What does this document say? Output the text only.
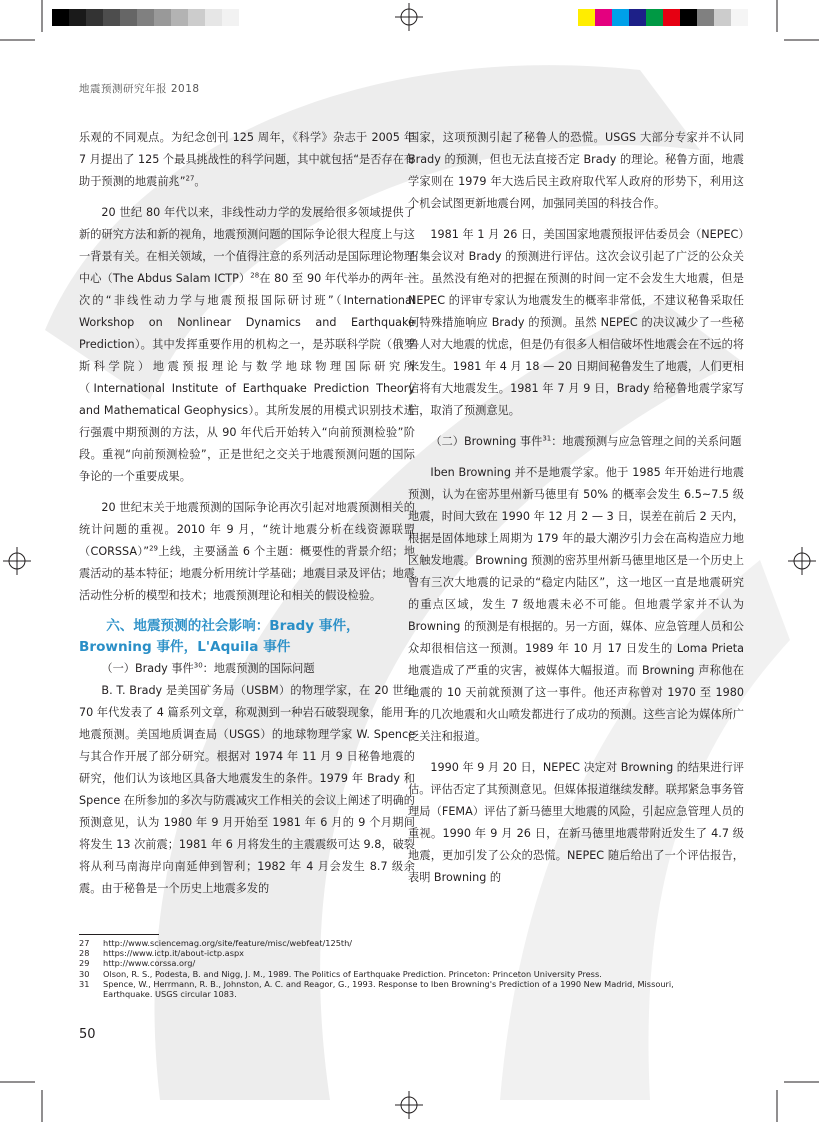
地震预测研究年报 2018

乐观的不同观点。为纪念创刊 125 周年，《科学》杂志于 2005 年 7 月提出了 125 个最具挑战性的科学问题，其中就包括“是否存在有助于预测的地震前兆”$^{27}$。

20 世纪 80 年代以来，非线性动力学的发展给很多领域提供了新的研究方法和新的视角，地震预测问题的国际争论很大程度上与这一背景有关。在相关领域，一个值得注意的系列活动是国际理论物理中心（The Abdus Salam ICTP）$^{28}$在 80 至 90 年代举办的两年一次的“非线性动力学与地震预报国际研讨班”（International Workshop on Nonlinear Dynamics and Earthquake Prediction）。其中发挥重要作用的机构之一，是苏联科学院（俄罗斯科学院）地震预报理论与数学地球物理国际研究所（International Institute of Earthquake Prediction Theory and Mathematical Geophysics）。其所发展的用模式识别技术进行强震中期预测的方法，从 90 年代后开始转入“向前预测检验”阶段。重视“向前预测检验”，正是世纪之交关于地震预测问题的国际争论的一个重要成果。

20 世纪末关于地震预测的国际争论再次引起对地震预测相关的统计问题的重视。2010 年 9 月，“统计地震分析在线资源联盟（CORSSA）”$^{29}$上线，主要涵盖 6 个主题：概要性的背景介绍；地震活动的基本特征；地震分析用统计学基础；地震目录及评估；地震活动性分析的模型和技术；地震预测理论和相关的假设检验。

六、地震预测的社会影响：Brady 事件，Browning 事件，L'Aquila 事件
（一）Brady 事件$^{30}$：地震预测的国际问题

B. T. Brady 是美国矿务局（USBM）的物理学家，在 20 世纪 70 年代发表了 4 篇系列文章，称观测到一种岩石破裂现象，能用于地震预测。美国地质调查局（USGS）的地球物理学家 W. Spence 与其合作开展了部分研究。根据对 1974 年 11 月 9 日秘鲁地震的研究，他们认为该地区具备大地震发生的条件。1979 年 Brady 和 Spence 在所参加的多次与防震减灾工作相关的会议上阐述了明确的预测意见，认为 1980 年 9 月开始至 1981 年 6 月的 9 个月期间将发生 13 次前震；1981 年 6 月将发生的主震震级可达 9.8，破裂将从利马南海岸向南延伸到智利；1982 年 4 月会发生 8.7 级余震。由于秘鲁是一个历史上地震多发的

国家，这项预测引起了秘鲁人的恐慌。USGS 大部分专家并不认同 Brady 的预测，但也无法直接否定 Brady 的理论。秘鲁方面，地震学家则在 1979 年大选后民主政府取代军人政府的形势下，利用这个机会试图更新地震台网，加强同美国的科技合作。

1981 年 1 月 26 日，美国国家地震预报评估委员会（NEPEC）召集会议对 Brady 的预测进行评估。这次会议引起了广泛的公众关注。虽然没有绝对的把握在预测的时间一定不会发生大地震，但是 NEPEC 的评审专家认为地震发生的概率非常低，不建议秘鲁采取任何特殊措施响应 Brady 的预测。虽然 NEPEC 的决议减少了一些秘鲁人对大地震的忧虑，但是仍有很多人相信破坏性地震会在不远的将来发生。1981 年 4 月 18 — 20 日期间秘鲁发生了地震，人们更相信将有大地震发生。1981 年 7 月 9 日，Brady 给秘鲁地震学家写信，取消了预测意见。

（二）Browning 事件$^{31}$：地震预测与应急管理之间的关系问题

Iben Browning 并不是地震学家。他于 1985 年开始进行地震预测，认为在密苏里州新马德里有 50% 的概率会发生 6.5~7.5 级地震，时间大致在 1990 年 12 月 2 — 3 日，误差在前后 2 天内，根据是固体地球上周期为 179 年的最大潮汐引力会在高构造应力地区触发地震。Browning 预测的密苏里州新马德里地区是一个历史上曾有三次大地震的记录的“稳定内陆区”，这一地区一直是地震研究的重点区域，发生 7 级地震未必不可能。但地震学家并不认为 Browning 的预测是有根据的。另一方面，媒体、应急管理人员和公众却很相信这一预测。1989 年 10 月 17 日发生的 Loma Prieta 地震造成了严重的灾害，被媒体大幅报道。而 Browning 声称他在地震的 10 天前就预测了这一事件。他还声称曾对 1970 至 1980 年的几次地震和火山喷发都进行了成功的预测。这些言论为媒体所广泛关注和报道。

1990 年 9 月 20 日，NEPEC 决定对 Browning 的结果进行评估。评估否定了其预测意见。但媒体报道继续发酵。联邦紧急事务管理局（FEMA）评估了新马德里大地震的风险，引起应急管理人员的重视。1990 年 9 月 26 日，在新马德里地震带附近发生了 4.7 级地震，更加引发了公众的恐慌。NEPEC 随后给出了一个评估报告，表明 Browning 的

27	http://www.sciencemag.org/site/feature/misc/webfeat/125th/
28	https://www.ictp.it/about-ictp.aspx
29	http://www.corssa.org/
30	Olson, R. S., Podesta, B. and Nigg, J. M., 1989. The Politics of Earthquake Prediction. Princeton: Princeton University Press.
31	Spence, W., Herrmann, R. B., Johnston, A. C. and Reagor, G., 1993. Response to Iben Browning's Prediction of a 1990 New Madrid, Missouri, Earthquake. USGS circular 1083.
50
